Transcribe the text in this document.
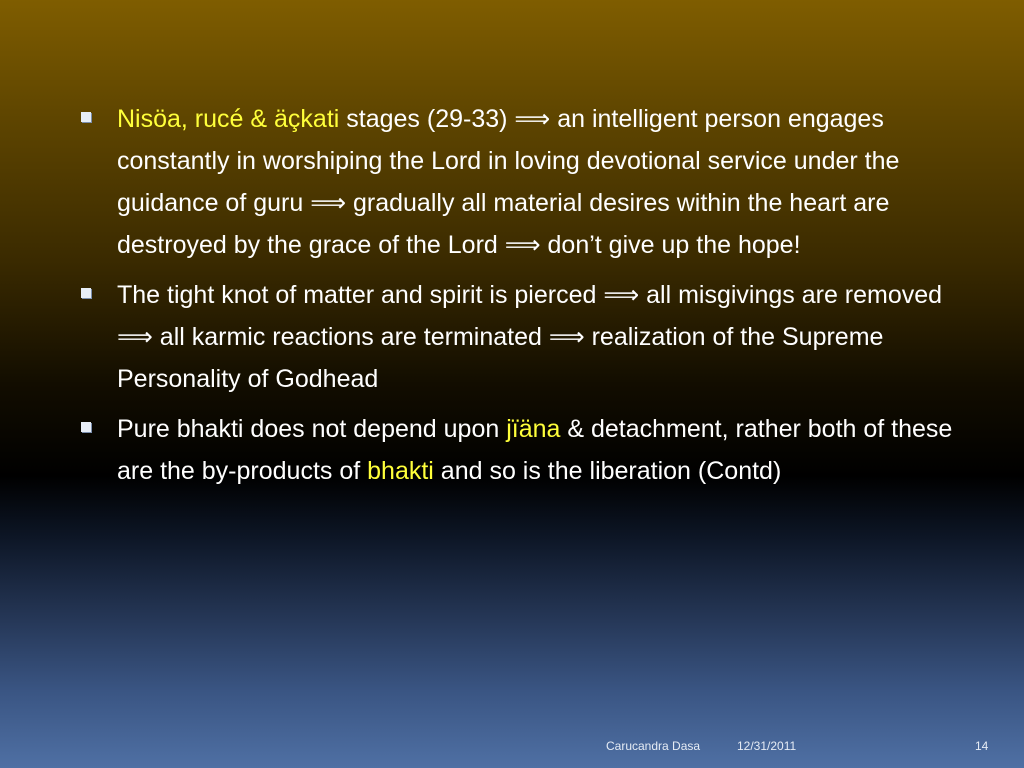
Nisöa, rucé & äçkati stages (29-33) ⟹ an intelligent person engages constantly in worshiping the Lord in loving devotional service under the guidance of guru ⟹ gradually all material desires within the heart are destroyed by the grace of the Lord ⟹ don’t give up the hope!
The tight knot of matter and spirit is pierced ⟹ all misgivings are removed ⟹ all karmic reactions are terminated ⟹ realization of the Supreme Personality of Godhead
Pure bhakti does not depend upon jïäna & detachment, rather both of these are the by-products of bhakti and so is the liberation (Contd)
Carucandra Dasa	12/31/2011	14
